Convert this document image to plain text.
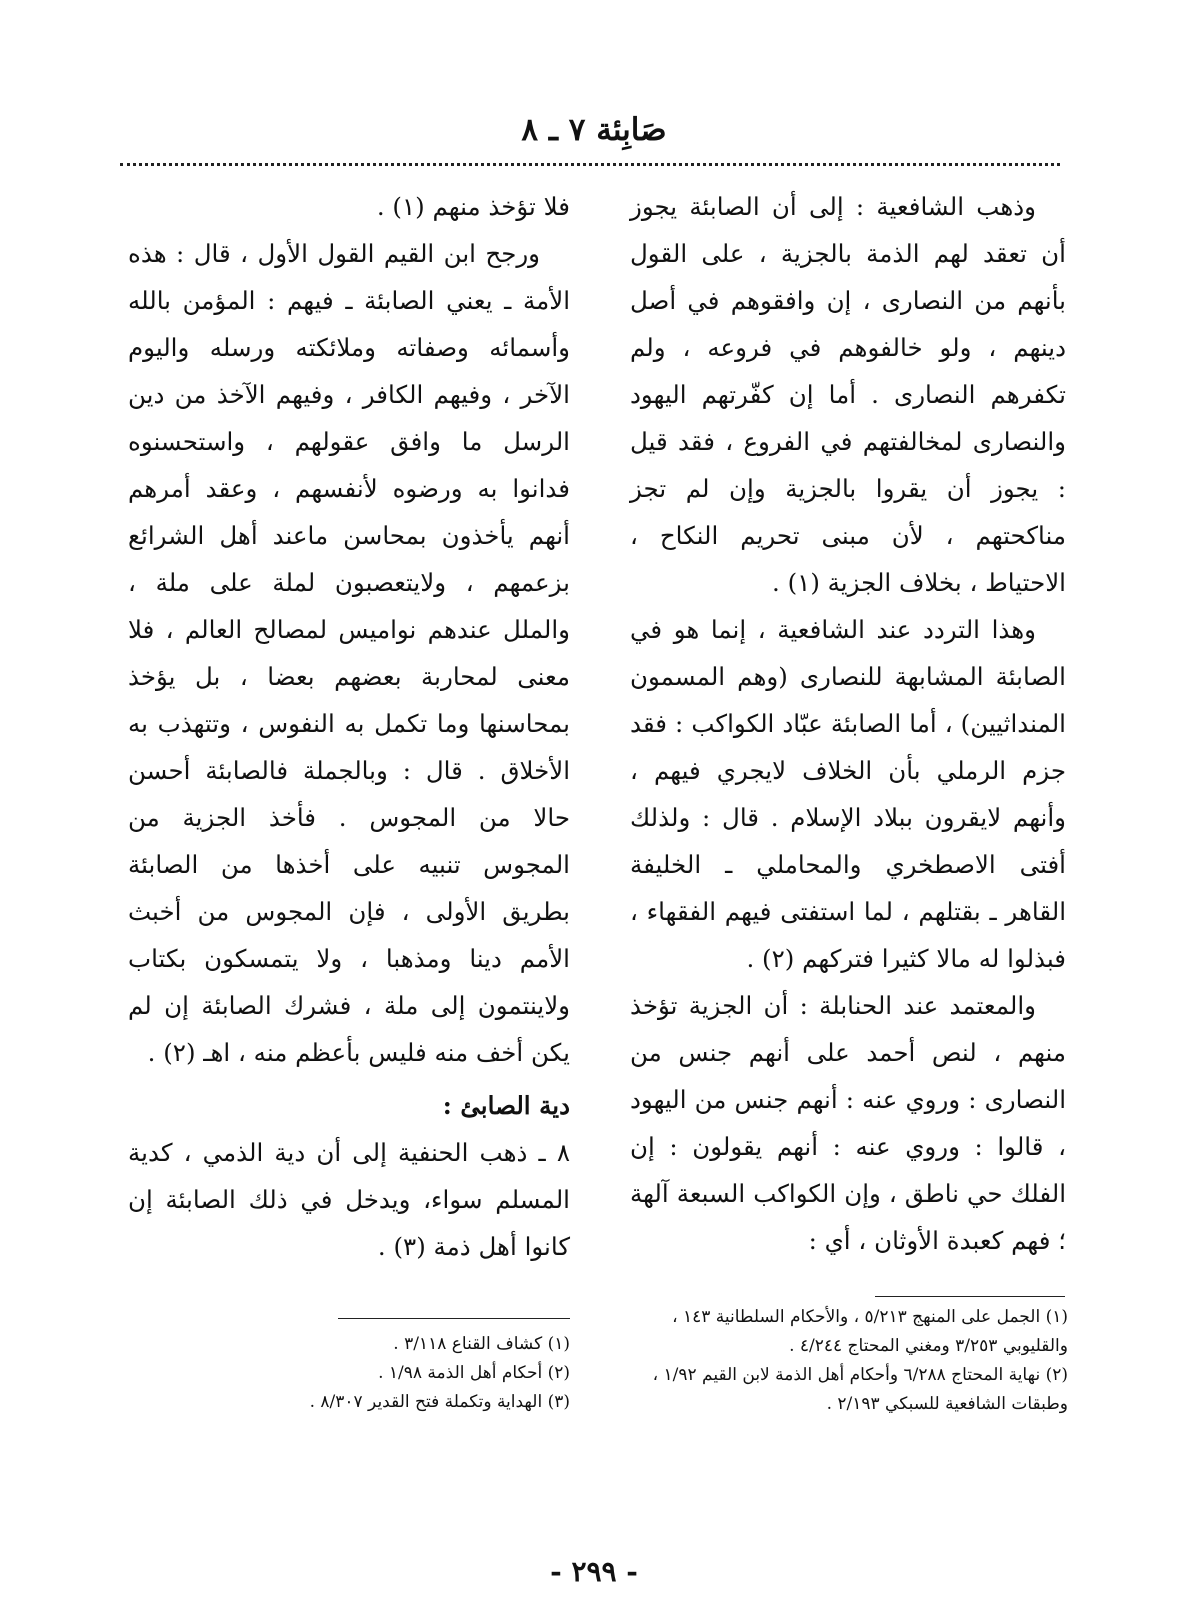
صَابِئة ٧ ـ ٨

وذهب الشافعية : إلى أن الصابئة يجوز أن تعقد لهم الذمة بالجزية ، على القول بأنهم من النصارى ، إن وافقوهم في أصل دينهم ، ولو خالفوهم في فروعه ، ولم تكفرهم النصارى . أما إن كفّرتهم اليهود والنصارى لمخالفتهم في الفروع ، فقد قيل : يجوز أن يقروا بالجزية وإن لم تجز مناكحتهم ، لأن مبنى تحريم النكاح ، الاحتياط ، بخلاف الجزية (١) .

وهذا التردد عند الشافعية ، إنما هو في الصابئة المشابهة للنصارى (وهم المسمون المنداثيين) ، أما الصابئة عبّاد الكواكب : فقد جزم الرملي بأن الخلاف لايجري فيهم ، وأنهم لايقرون ببلاد الإسلام . قال : ولذلك أفتى الاصطخري والمحاملي ـ الخليفة القاهر ـ بقتلهم ، لما استفتى فيهم الفقهاء ، فبذلوا له مالا كثيرا فتركهم (٢) .

والمعتمد عند الحنابلة : أن الجزية تؤخذ منهم ، لنص أحمد على أنهم جنس من النصارى : وروي عنه : أنهم جنس من اليهود ، قالوا : وروي عنه : أنهم يقولون : إن الفلك حي ناطق ، وإن الكواكب السبعة آلهة ؛ فهم كعبدة الأوثان ، أي :

فلا تؤخذ منهم (١) .

ورجح ابن القيم القول الأول ، قال : هذه الأمة ـ يعني الصابئة ـ فيهم : المؤمن بالله وأسمائه وصفاته وملائكته ورسله واليوم الآخر ، وفيهم الكافر ، وفيهم الآخذ من دين الرسل ما وافق عقولهم ، واستحسنوه فدانوا به ورضوه لأنفسهم ، وعقد أمرهم أنهم يأخذون بمحاسن ماعند أهل الشرائع بزعمهم ، ولايتعصبون لملة على ملة ، والملل عندهم نواميس لمصالح العالم ، فلا معنى لمحاربة بعضهم بعضا ، بل يؤخذ بمحاسنها وما تكمل به النفوس ، وتتهذب به الأخلاق . قال : وبالجملة فالصابئة أحسن حالا من المجوس . فأخذ الجزية من المجوس تنبيه على أخذها من الصابئة بطريق الأولى ، فإن المجوس من أخبث الأمم دينا ومذهبا ، ولا يتمسكون بكتاب ولاينتمون إلى ملة ، فشرك الصابئة إن لم يكن أخف منه فليس بأعظم منه ، اهـ (٢) .

دية الصابئ :

٨ ـ ذهب الحنفية إلى أن دية الذمي ، كدية المسلم سواء، ويدخل في ذلك الصابئة إن كانوا أهل ذمة (٣) .

(١) الجمل على المنهج ٥/٢١٣ ، والأحكام السلطانية ١٤٣ ، والقليوبي ٣/٢٥٣ ومغني المحتاج ٤/٢٤٤ .

(٢) نهاية المحتاج ٦/٢٨٨ وأحكام أهل الذمة لابن القيم ١/٩٢ ، وطبقات الشافعية للسبكي ٢/١٩٣ .

(١) كشاف القناع ٣/١١٨ .

(٢) أحكام أهل الذمة ١/٩٨ .

(٣) الهداية وتكملة فتح القدير ٨/٣٠٧ .

- ٢٩٩ -
